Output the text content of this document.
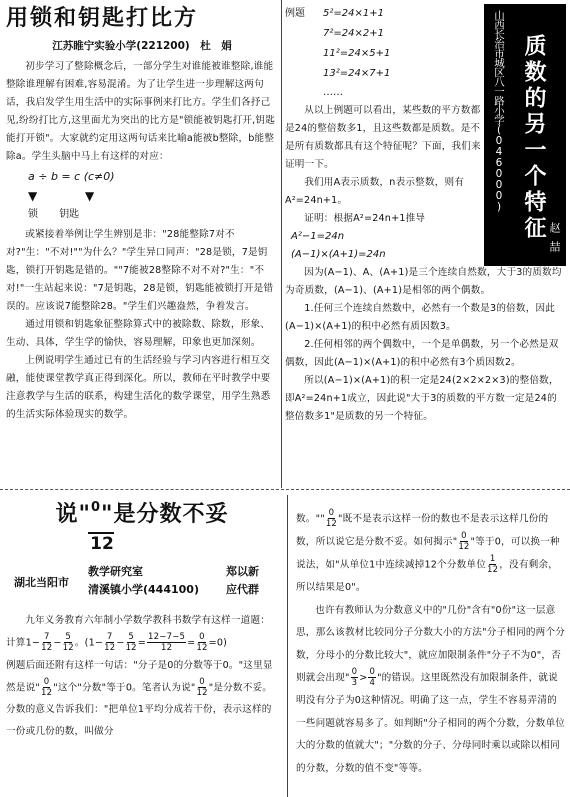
用锁和钥匙打比方
江苏睢宁实验小学(221200)　杜　娟

初步学习了整除概念后，一部分学生对谁能被谁整除,谁能整除谁理解有困难,容易混淆。为了让学生进一步理解这两句话，我启发学生用生活中的实际事例来打比方。学生们各抒己见,纷纷打比方,这里面尤为突出的比方是"锁能被钥匙打开,钥匙能打开锁"。大家就约定用这两句话来比喻a能被b整除，b能整除a。学生头脑中马上有这样的对应：

a ÷ b = c (c≠0)
▼ ▼
锁 钥匙

或紧接着举例让学生辨别是非："28能整除7对不对?"生："不对!""为什么？"学生异口同声："28是锁，7是钥匙，锁打开钥匙是错的。""7能被28整除不对不对?"生："不对!"一生站起来说："7是钥匙，28是锁，钥匙能被锁打开是错误的。应该说7能整除28。"学生们兴趣盎然，争着发言。

通过用锁和钥匙象征整除算式中的被除数、除数，形象、生动、具体，学生学的愉快，容易理解，印象也更加深刻。

上例说明学生通过已有的生活经验与学习内容进行相互交融，能使课堂教学真正得到深化。所以，教师在平时教学中要注意教学与生活的联系，构建生活化的数学课堂，用学生熟悉的生活实际体验现实的数学。

例题 5²=24×1+1
7²=24×2+1
11²=24×5+1
13²=24×7+1
……

从以上例题可以看出，某些数的平方数都是24的整倍数多1，且这些数都是质数。是不是所有质数都具有这个特征呢？下面，我们来证明一下。

我们用A表示质数，n表示整数，则有A²=24n+1。

证明：根据A²=24n+1推导

A²−1=24n
(A−1)×(A+1)=24n

因为(A−1)、A、(A+1)是三个连续自然数，大于3的质数均为奇质数，(A−1)、(A+1)是相邻的两个偶数。

1.任何三个连续自然数中，必然有一个数是3的倍数，因此(A−1)×(A+1)的积中必然有质因数3。

2.任何相邻的两个偶数中，一个是单偶数，另一个必然是双偶数，因此(A−1)×(A+1)的积中必然有3个质因数2。

所以(A−1)×(A+1)的积一定是24(2×2×2×3)的整倍数，即A²=24n+1成立，因此说"大于3的质数的平方数一定是24的整倍数多1"是质数的另一个特征。

山西长治市城区八一路小学(046000) 质数的另一个特征 赵喆
说"$^0$"是分数不妥
12
湖北当阳市
教学研究室
清溪镇小学(444100)
郑以新
应代群

九年义务教育六年制小学数学教科书数学有这样一道题：计算$1- \frac{7}{12} - \frac{5}{12}$ 。$(1- \frac{7}{12} - \frac{5}{12} = \frac{12-7-5}{12} = \frac{0}{12} =0)$

例题后面还附有这样一句话："分子是0的分数等于0。"这里显然是说" $\frac{0}{12}$ "这个"分数"等于0。笔者认为说" $\frac{0}{12}$ "是分数不妥。分数的意义告诉我们："把单位1平均分成若干份，表示这样的一份或几份的数，叫做分

数。"" $\frac{0}{12}$ "既不是表示这样一份的数也不是表示这样几份的数，所以说它是分数不妥。如何揭示" $\frac{0}{12}$ "等于0，可以换一种说法，如"从单位1中连续减掉12个分数单位 $\frac{1}{12}$ ，没有剩余，所以结果是0"。

也许有教师认为分数意义中的"几份"含有"0份"这一层意思，那么该教材比较同分子分数大小的方法"分子相同的两个分数，分母小的分数比较大"，就应加限制条件"分子不为0"，否则就会出现" $\frac{0}{3} > \frac{0}{4}$ "的错误。这里既然没有加限制条件，就说明没有分子为0这种情况。明确了这一点，学生不容易弄清的一些问题就容易多了。如判断"分子相同的两个分数，分数单位大的分数的值就大"；"分数的分子、分母同时乘以或除以相同的分数，分数的值不变"等等。
